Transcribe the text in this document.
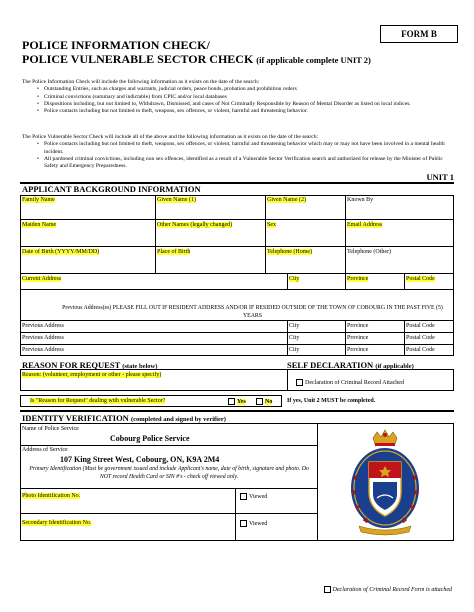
FORM B
POLICE INFORMATION CHECK/
POLICE VULNERABLE SECTOR CHECK (if applicable complete UNIT 2)
The Police Information Check will include the following information as it exists on the date of the search:
• Outstanding Entries, such as charges and warrants, judicial orders, peace bonds, probation and prohibition orders
• Criminal convictions (summary and indictable) from CPIC and/or local databases
• Dispositions including, but not limited to, Withdrawn, Dismissed, and cases of Not Criminally Responsible by Reason of Mental Disorder as listed on local indices.
• Police contacts including but not limited to theft, weapons, sex offences, or violent, harmful and threatening behavior.
The Police Vulnerable Sector Check will include all of the above and the following information as it exists on the date of the search:
• Police contacts including but not limited to theft, weapons, sex offences, or violent, harmful and threatening behavior which may or may not have been involved in a mental health incident.
• All pardoned criminal convictions, including non sex offences, identified as a result of a Vulnerable Sector Verification search and authorized for release by the Minister of Public Safety and Emergency Preparedness.
UNIT 1
APPLICANT BACKGROUND INFORMATION
Family Name	Given Name (1)	Given Name (2)	Known By
Maiden Name	Other Names (legally changed)	Sex	Email Address
Date of Birth (YYYY/MM/DD)	Place of Birth	Telephone (Home)	Telephone (Other)
Current Address	City	Province	Postal Code
Previous Address(es) PLEASE FILL OUT IF RESIDENT ADDRESS AND/OR IF RESIDED OUTSIDE OF THE TOWN OF COBOURG IN THE PAST FIVE (5) YEARS
Previous Address	City	Province	Postal Code
Previous Address	City	Province	Postal Code
Previous Address	City	Province	Postal Code
REASON FOR REQUEST (state below)	SELF DECLARATION (if applicable)
Reason: (volunteer, employment or other - please specify)
Declaration of Criminal Record Attached
Is "Reason for Request" dealing with vulnerable Sector?	Yes	No If yes, Unit 2 MUST be completed.
IDENTITY VERIFICATION (completed and signed by verifier)
Name of Police Service
Cobourg Police Service
Address of Service
107 King Street West, Cobourg, ON, K9A 2M4
Primary Identification (Must be government issued and include Applicant's name, date of birth, signature and photo. Do NOT record Health Card or SIN #'s - check off viewed only.
Photo Identification No.	Viewed
Secondary Identification No.	Viewed
Declaration of Criminal Record Form is attached
